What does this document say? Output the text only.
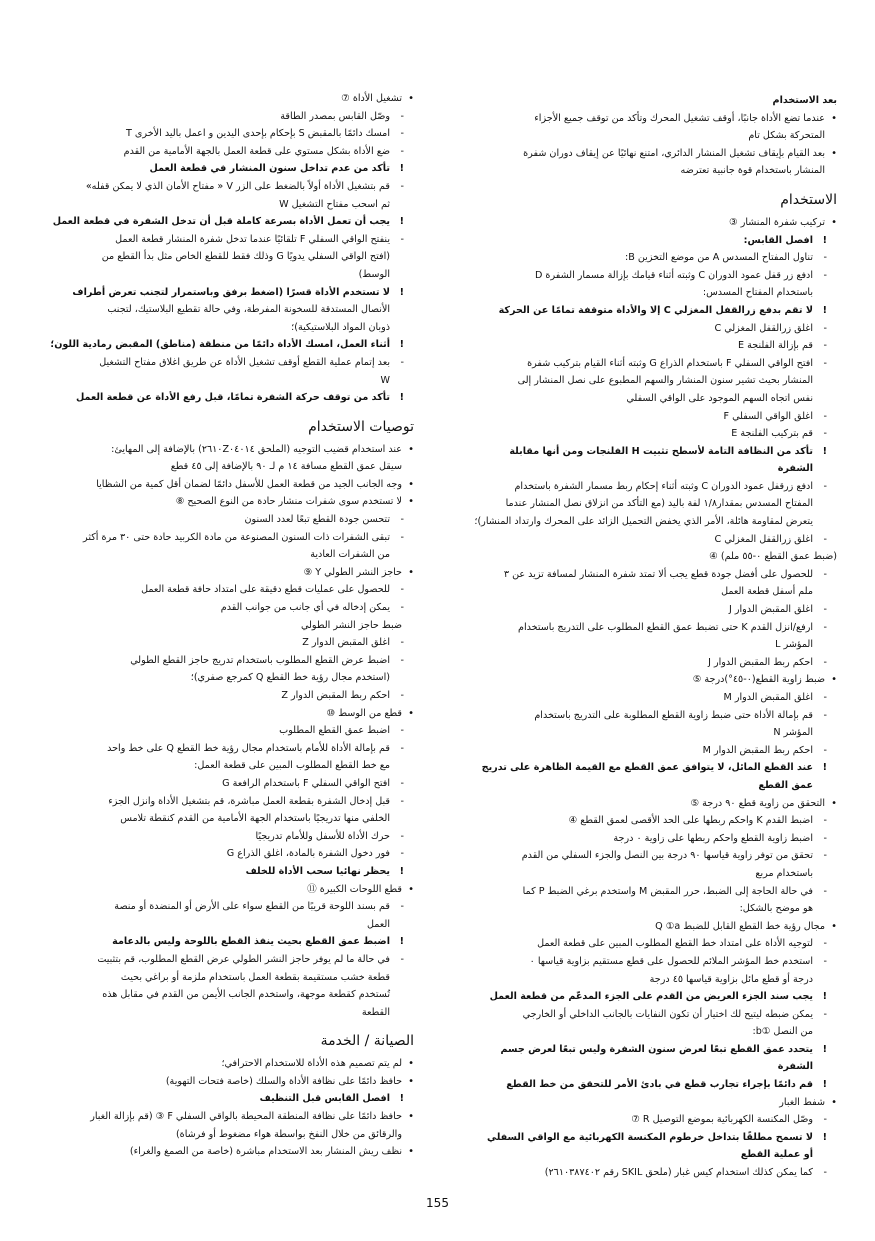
بعد الاستخدام
• عندما تضع الأداة جانبًا، أوقف تشغيل المحرك وتأكد من توقف جميع الأجزاء
المتحركة بشكل تام
• بعد القيام بإيقاف تشغيل المنشار الدائري، امتنع نهائيًا عن إيقاف دوران شفرة
المنشار باستخدام قوة جانبية تعترضه
الاستخدام
• تركيب شفرة المنشار ③
! افصل القابس:
- تناول المفتاح المسدس A من موضع التخزين B:
- ادفع زر قفل عمود الدوران C وثبته أثناء قيامك بإزالة مسمار الشفرة D
باستخدام المفتاح المسدس:
! لا تقم بدفع زرالقفل المغزلي C إلا والأداة متوقفة تمامًا عن الحركة
- اغلق زرالقفل المغزلي C
- قم بإزالة الفلنجة E
- افتح الواقي السفلي F باستخدام الذراع G وثبته أثناء القيام بتركيب شفرة
المنشار بحيث تشير سنون المنشار والسهم المطبوع على نصل المنشار إلى
نفس اتجاه السهم الموجود على الواقي السفلي
- اغلق الواقي السفلي F
- قم بتركيب الفلنجة E
! تأكد من النظافة التامة لأسطح تثبيت H الفلنجات ومن أنها مقابلة
الشفرة
- ادفع زرقفل عمود الدوران C وثبته أثناء إحكام ربط مسمار الشفرة باستخدام
المفتاح المسدس بمقدار١/٨ لفة باليد (مع التأكد من انزلاق نصل المنشار عندما
يتعرض لمقاومة هائلة، الأمر الذي يخفض التحميل الزائد على المحرك وارتداد المنشار)؛
- اغلق زرالقفل المغزلي C
(ضبط عمق القطع ٠-٥٥ ملم) ④
- للحصول على أفضل جودة قطع يجب ألا تمتد شفرة المنشار لمسافة تزيد عن ٣
ملم أسفل قطعة العمل
- اغلق المقبض الدوار J
- ارفع/انزل القدم K حتى تضبط عمق القطع المطلوب على التدريج باستخدام
المؤشر L
- احكم ربط المقبض الدوار J
• ضبط زاوية القطع(٠-٤٥°)درجة ⑤
- اغلق المقبض الدوار M
- قم بإمالة الأداة حتى ضبط زاوية القطع المطلوبة على التدريج باستخدام
المؤشر N
- احكم ربط المقبض الدوار M
! عند القطع المائل، لا يتوافق عمق القطع مع القيمة الظاهرة على تدريج
عمق القطع
• التحقق من زاوية قطع ٩٠ درجة ⑤
- اضبط القدم K واحكم ربطها على الحد الأقصى لعمق القطع ④
- اضبط زاوية القطع واحكم ربطها على زاوية ٠ درجة
- تحقق من توفر زاوية قياسها ٩٠ درجة بين النصل والجزء السفلي من القدم
باستخدام مربع
- في حالة الحاجة إلى الضبط، حرر المقبض M واستخدم برغي الضبط P كما
هو موضح بالشكل:
• مجال رؤية خط القطع القابل للضبط Q ①a
- لتوجيه الأداة على امتداد خط القطع المطلوب المبين على قطعة العمل
- استخدم خط المؤشر الملائم للحصول على قطع مستقيم بزاوية قياسها ٠
درجة أو قطع مائل بزاوية قياسها ٤٥ درجة
! يجب سند الجزء العريض من القدم على الجزء المدعّم من قطعة العمل
- يمكن ضبطه ليتيح لك اختيار أن تكون النفايات بالجانب الداخلي أو الخارجي
من النصل ①b:
! يتحدد عمق القطع تبعًا لعرض سنون الشفرة وليس تبعًا لعرض جسم
الشفرة
! قم دائمًا بإجراء تجارب قطع في بادئ الأمر للتحقق من خط القطع
• شفط الغبار
- وصّل المكنسة الكهربائية بموضع التوصيل R ⑦
! لا تسمح مطلقًا بتداخل خرطوم المكنسة الكهربائية مع الواقي السفلي
أو عملية القطع
- كما يمكن كذلك استخدام كيس غبار (ملحق SKIL رقم ٢٦١٠٣٨٧٤٠٢)
• تشغيل الأداة ⑦
- وصّل القابس بمصدر الطاقة
- امسك دائمًا بالمقبض S بإحكام بإحدى اليدين و اعمل باليد الأخرى T
- ضع الأداة بشكل مستوي على قطعة العمل بالجهة الأمامية من القدم
! تأكد من عدم تداخل سنون المنشار في قطعة العمل
- قم بتشغيل الأداة أولاً بالضغط على الزر V « مفتاح الأمان الذي لا يمكن قفله»
ثم اسحب مفتاح التشغيل W
! يجب أن تعمل الأداة بسرعة كاملة قبل أن تدخل الشفرة في قطعة العمل
- ينفتح الواقي السفلي F تلقائيًا عندما تدخل شفرة المنشار قطعة العمل
(افتح الواقي السفلي يدويًا G وذلك فقط للقطع الخاص مثل بدأ القطع من
الوسط)
! لا تستخدم الأداة قسرًا (اضغط برفق وباستمرار لتجنب تعرض أطراف
الأنصال المستدقة للسخونة المفرطة، وفي حالة تقطيع البلاستيك، لتجنب
ذوبان المواد البلاستيكية)؛
! أثناء العمل، امسك الأداة دائمًا من منطقة (مناطق) المقبض رمادية اللون؛
- بعد إتمام عملية القطع أوقف تشغيل الأداة عن طريق اغلاق مفتاح التشغيل
W
! تأكد من توقف حركة الشفرة تمامًا، قبل رفع الأداة عن قطعة العمل
توصيات الاستخدام
• عند استخدام قضيب التوجيه (الملحق ٢٦١٠Z٠٤٠١٤) بالإضافة إلى المهايئ:
سيقل عمق القطع مسافة ١٤ م لـ ٩٠ بالإضافة إلى ٤٥ قطع
• وجه الجانب الجيد من قطعة العمل للأسفل دائمًا لضمان أقل كمية من الشظايا
• لا تستخدم سوى شفرات منشار حادة من النوع الصحيح ⑧
- تتحسن جودة القطع تبعًا لعدد السنون
- تبقى الشفرات ذات السنون المصنوعة من مادة الكربيد حادة حتى ٣٠ مرة أكثر
من الشفرات العادية
• حاجز النشر الطولي Y ⑨
- للحصول على عمليات قطع دقيقة على امتداد حافة قطعة العمل
- يمكن إدخاله في أي جانب من جوانب القدم
ضبط حاجز النشر الطولي
- اغلق المقبض الدوار Z
- اضبط عرض القطع المطلوب باستخدام تدريج حاجز القطع الطولي
(استخدم مجال رؤية خط القطع Q كمرجع صفري)؛
- احكم ربط المقبض الدوار Z
• قطع من الوسط ⑩
- اضبط عمق القطع المطلوب
- قم بإمالة الأداة للأمام باستخدام مجال رؤية خط القطع Q على خط واحد
مع خط القطع المطلوب المبين على قطعة العمل:
- افتح الواقي السفلي F باستخدام الرافعة G
- قبل إدخال الشفرة بقطعة العمل مباشرة، قم بتشغيل الأداة وانزل الجزء
الخلفي منها تدريجيًا باستخدام الجهة الأمامية من القدم كنقطة تلامس
- حرك الأداة للأسفل وللأمام تدريجيًا
- فور دخول الشفرة بالمادة، اغلق الذراع G
! يحظر نهائيا سحب الأداة للخلف
• قطع اللوحات الكبيرة ⑪
- قم بسند اللوحة قريبًا من القطع سواء على الأرض أو المنضدة أو منصة
العمل
! اضبط عمق القطع بحيث ينفذ القطع باللوحة وليس بالدعامة
- في حالة ما لم يوفر حاجز النشر الطولي عرض القطع المطلوب، قم بتثبيت
قطعة خشب مستقيمة بقطعة العمل باستخدام ملزمة أو براغي بحيث
تُستخدم كقطعة موجهة، واستخدم الجانب الأيمن من القدم في مقابل هذه
القطعة
الصيانة / الخدمة
• لم يتم تصميم هذه الأداة للاستخدام الاحترافي؛
• حافظ دائمًا على نظافة الأداة والسلك (خاصة فتحات التهوية)
! افصل القابس قبل التنظيف
• حافظ دائمًا على نظافة المنطقة المحيطة بالواقي السفلي F ③ (قم بإزالة الغبار
والرقائق من خلال النفخ بواسطة هواء مضغوط أو فرشاة)
• نظف ريش المنشار بعد الاستخدام مباشرة (خاصة من الصمغ والغراء)
155
